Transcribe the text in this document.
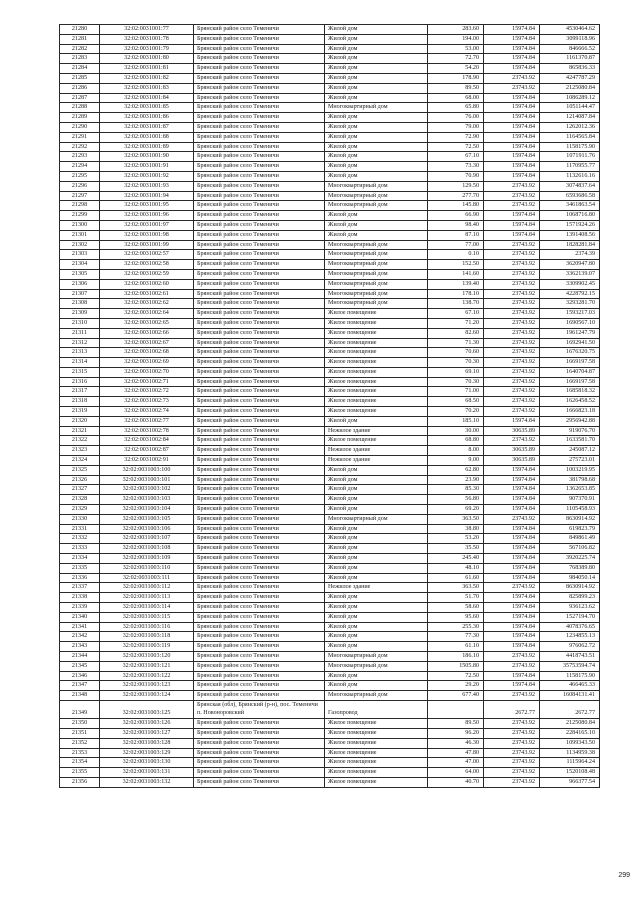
21280	32:02:0031001:77	Брянский район село Теменичи	Жилой дом	283.60	15974.84	4530464.62
21281	32:02:0031001:78	Брянский район село Теменичи	Жилой дом	194.00	15974.84	3099118.96
21282	32:02:0031001:79	Брянский район село Теменичи	Жилой дом	53.00	15974.84	846666.52
21283	32:02:0031001:80	Брянский район село Теменичи	Жилой дом	72.70	15974.84	1161370.87
21284	32:02:0031001:81	Брянский район село Теменичи	Жилой дом	54.20	15974.84	865836.33
21285	32:02:0031001:82	Брянский район село Теменичи	Жилой дом	178.90	23743.92	4247787.29
21286	32:02:0031001:83	Брянский район село Теменичи	Жилой дом	89.50	23743.92	2125080.84
21287	32:02:0031001:84	Брянский район село Теменичи	Жилой дом	68.00	15974.84	1086289.12
21288	32:02:0031001:85	Брянский район село Теменичи	Многоквартирный дом	65.80	15974.84	1051144.47
21289	32:02:0031001:86	Брянский район село Теменичи	Жилой дом	76.00	15974.84	1214087.84
21290	32:02:0031001:87	Брянский район село Теменичи	Жилой дом	79.00	15974.84	1262012.36
21291	32:02:0031001:88	Брянский район село Теменичи	Жилой дом	72.90	15974.84	1164565.84
21292	32:02:0031001:89	Брянский район село Теменичи	Жилой дом	72.50	15974.84	1158175.90
21293	32:02:0031001:90	Брянский район село Теменичи	Жилой дом	67.10	15974.84	1071911.76
21294	32:02:0031001:91	Брянский район село Теменичи	Жилой дом	73.30	15974.84	1170955.77
21295	32:02:0031001:92	Брянский район село Теменичи	Жилой дом	70.90	15974.84	1132616.16
21296	32:02:0031001:93	Брянский район село Теменичи	Многоквартирный дом	129.50	23743.92	3074837.64
21297	32:02:0031001:94	Брянский район село Теменичи	Многоквартирный дом	277.70	23743.92	6593686.58
21298	32:02:0031001:95	Брянский район село Теменичи	Многоквартирный дом	145.80	23743.92	3461863.54
21299	32:02:0031001:96	Брянский район село Теменичи	Жилой дом	66.90	15974.84	1068716.80
21300	32:02:0031001:97	Брянский район село Теменичи	Жилой дом	98.40	15974.84	1571924.26
21301	32:02:0031001:98	Брянский район село Теменичи	Жилой дом	87.10	15974.84	1391408.56
21302	32:02:0031001:99	Брянский район село Теменичи	Многоквартирный дом	77.00	23743.92	1828281.84
21303	32:02:0031002:57	Брянский район село Теменичи	Многоквартирный дом	0.10	23743.92	2374.39
21304	32:02:0031002:58	Брянский район село Теменичи	Многоквартирный дом	152.50	23743.92	3620947.80
21305	32:02:0031002:59	Брянский район село Теменичи	Многоквартирный дом	141.60	23743.92	3362139.07
21306	32:02:0031002:60	Брянский район село Теменичи	Многоквартирный дом	139.40	23743.92	3309902.45
21307	32:02:0031002:61	Брянский район село Теменичи	Многоквартирный дом	178.10	23743.92	4228792.15
21308	32:02:0031002:62	Брянский район село Теменичи	Многоквартирный дом	138.70	23743.92	3293281.70
21309	32:02:0031002:64	Брянский район село Теменичи	Жилое помещение	67.10	23743.92	1593217.03
21310	32:02:0031002:65	Брянский район село Теменичи	Жилое помещение	71.20	23743.92	1690567.10
21311	32:02:0031002:66	Брянский район село Теменичи	Жилое помещение	82.60	23743.92	1961247.79
21312	32:02:0031002:67	Брянский район село Теменичи	Жилое помещение	71.30	23743.92	1692941.50
21313	32:02:0031002:68	Брянский район село Теменичи	Жилое помещение	70.60	23743.92	1676320.75
21314	32:02:0031002:69	Брянский район село Теменичи	Жилое помещение	70.30	23743.92	1669197.58
21315	32:02:0031002:70	Брянский район село Теменичи	Жилое помещение	69.10	23743.92	1640704.87
21316	32:02:0031002:71	Брянский район село Теменичи	Жилое помещение	70.30	23743.92	1669197.58
21317	32:02:0031002:72	Брянский район село Теменичи	Жилое помещение	71.00	23743.92	1685818.32
21318	32:02:0031002:73	Брянский район село Теменичи	Жилое помещение	68.50	23743.92	1626458.52
21319	32:02:0031002:74	Брянский район село Теменичи	Жилое помещение	70.20	23743.92	1666823.18
21320	32:02:0031002:77	Брянский район село Теменичи	Жилой дом	185.10	15974.84	2956942.88
21321	32:02:0031002:78	Брянский район село Теменичи	Нежилое здание	30.00	30635.89	919076.70
21322	32:02:0031002:84	Брянский район село Теменичи	Жилое помещение	68.80	23743.92	1633581.70
21323	32:02:0031002:87	Брянский район село Теменичи	Нежилое здание	8.00	30635.89	245087.12
21324	32:02:0031002:91	Брянский район село Теменичи	Нежилое здание	9.00	30635.89	275723.01
21325	32:02:0031003:100	Брянский район село Теменичи	Жилой дом	62.80	15974.84	1003219.95
21326	32:02:0031003:101	Брянский район село Теменичи	Жилой дом	23.90	15974.84	381798.68
21327	32:02:0031003:102	Брянский район село Теменичи	Жилой дом	85.30	15974.84	1362653.85
21328	32:02:0031003:103	Брянский район село Теменичи	Жилой дом	56.80	15974.84	907370.91
21329	32:02:0031003:104	Брянский район село Теменичи	Жилой дом	69.20	15974.84	1105458.93
21330	32:02:0031003:105	Брянский район село Теменичи	Многоквартирный дом	363.50	23743.92	8630914.92
21331	32:02:0031003:106	Брянский район село Теменичи	Жилой дом	38.80	15974.84	619823.79
21332	32:02:0031003:107	Брянский район село Теменичи	Жилой дом	53.20	15974.84	849861.49
21333	32:02:0031003:108	Брянский район село Теменичи	Жилой дом	35.50	15974.84	567106.82
21334	32:02:0031003:109	Брянский район село Теменичи	Жилой дом	245.40	15974.84	3920225.74
21335	32:02:0031003:110	Брянский район село Теменичи	Жилой дом	48.10	15974.84	768389.80
21336	32:02:0031003:111	Брянский район село Теменичи	Жилой дом	61.60	15974.84	984050.14
21337	32:02:0031003:112	Брянский район село Теменичи	Нежилое здание	363.50	23743.92	8630914.92
21338	32:02:0031003:113	Брянский район село Теменичи	Жилой дом	51.70	15974.84	825899.23
21339	32:02:0031003:114	Брянский район село Теменичи	Жилой дом	58.60	15974.84	936123.62
21340	32:02:0031003:115	Брянский район село Теменичи	Жилой дом	95.60	15974.84	1527194.70
21341	32:02:0031003:116	Брянский район село Теменичи	Жилой дом	255.30	15974.84	4078376.65
21342	32:02:0031003:118	Брянский район село Теменичи	Жилой дом	77.30	15974.84	1234855.13
21343	32:02:0031003:119	Брянский район село Теменичи	Жилой дом	61.10	15974.84	976062.72
21344	32:02:0031003:120	Брянский район село Теменичи	Многоквартирный дом	186.10	23743.92	4418743.51
21345	32:02:0031003:121	Брянский район село Теменичи	Многоквартирный дом	1505.80	23743.92	35753594.74
21346	32:02:0031003:122	Брянский район село Теменичи	Жилой дом	72.50	15974.84	1158175.90
21347	32:02:0031003:123	Брянский район село Теменичи	Жилой дом	29.20	15974.84	466465.33
21348	32:02:0031003:124	Брянский район село Теменичи	Многоквартирный дом	677.40	23743.92	16084131.41
21349	32:02:0031003:125	Брянская (обл), Брянский (р-н), пос. Теменичи п. Новоноровский	Газопровод		2672.77	2672.77
21350	32:02:0031003:126	Брянский район село Теменичи	Жилое помещение	89.50	23743.92	2125080.84
21351	32:02:0031003:127	Брянский район село Теменичи	Жилое помещение	96.20	23743.92	2284165.10
21352	32:02:0031003:128	Брянский район село Теменичи	Жилое помещение	46.30	23743.92	1099343.50
21353	32:02:0031003:129	Брянский район село Теменичи	Жилое помещение	47.80	23743.92	1134959.38
21354	32:02:0031003:130	Брянский район село Теменичи	Жилое помещение	47.00	23743.92	1115964.24
21355	32:02:0031003:131	Брянский район село Теменичи	Жилое помещение	64.00	23743.92	1520108.48
21356	32:02:0031003:132	Брянский район село Теменичи	Жилое помещение	40.70	23743.92	966377.54
299
